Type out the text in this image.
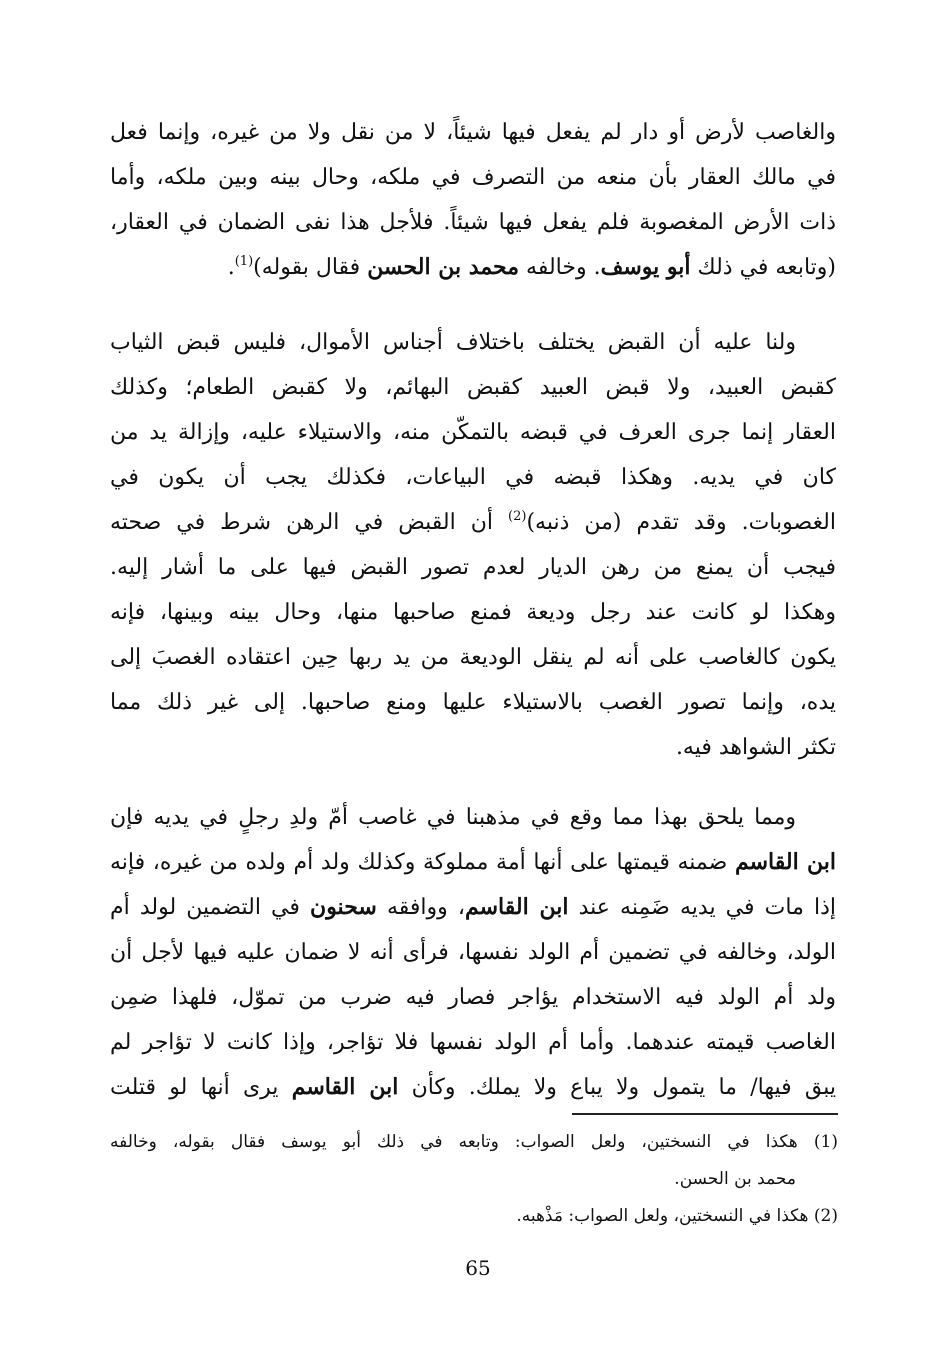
والغاصب لأرض أو دار لم يفعل فيها شيئاً، لا من نقل ولا من غيره، وإنما فعل
في مالك العقار بأن منعه من التصرف في ملكه، وحال بينه وبين ملكه، وأما
ذات الأرض المغصوبة فلم يفعل فيها شيئاً. فلأجل هذا نفى الضمان في العقار،
(وتابعه في ذلك أبو يوسف. وخالفه محمد بن الحسن فقال بقوله)$^{(1)}$.
ولنا عليه أن القبض يختلف باختلاف أجناس الأموال، فليس قبض الثياب
كقبض العبيد، ولا قبض العبيد كقبض البهائم، ولا كقبض الطعام؛ وكذلك
العقار إنما جرى العرف في قبضه بالتمكّن منه، والاستيلاء عليه، وإزالة يد من
كان في يديه. وهكذا قبضه في البياعات، فكذلك يجب أن يكون في
الغصوبات. وقد تقدم (من ذنبه)$^{(2)}$ أن القبض في الرهن شرط في صحته
فيجب أن يمنع من رهن الديار لعدم تصور القبض فيها على ما أشار إليه.
وهكذا لو كانت عند رجل وديعة فمنع صاحبها منها، وحال بينه وبينها، فإنه
يكون كالغاصب على أنه لم ينقل الوديعة من يد ربها حِين اعتقاده الغصبَ إلى
يده، وإنما تصور الغصب بالاستيلاء عليها ومنع صاحبها. إلى غير ذلك مما
تكثر الشواهد فيه.
ومما يلحق بهذا مما وقع في مذهبنا في غاصب أمّ ولدِ رجلٍ في يديه فإن
ابن القاسم ضمنه قيمتها على أنها أمة مملوكة وكذلك ولد أم ولده من غيره، فإنه
إذا مات في يديه ضَمِنه عند ابن القاسم، ووافقه سحنون في التضمين لولد أم
الولد، وخالفه في تضمين أم الولد نفسها، فرأى أنه لا ضمان عليه فيها لأجل أن
ولد أم الولد فيه الاستخدام يؤاجر فصار فيه ضرب من تموّل، فلهذا ضمِن
الغاصب قيمته عندهما. وأما أم الولد نفسها فلا تؤاجر، وإذا كانت لا تؤاجر لم
يبق فيها/ ما يتمول ولا يباع ولا يملك. وكأن ابن القاسم يرى أنها لو قتلت
(1) هكذا في النسختين، ولعل الصواب: وتابعه في ذلك أبو يوسف فقال بقوله، وخالفه
محمد بن الحسن.
(2) هكذا في النسختين، ولعل الصواب: مَذْهبه.
65
